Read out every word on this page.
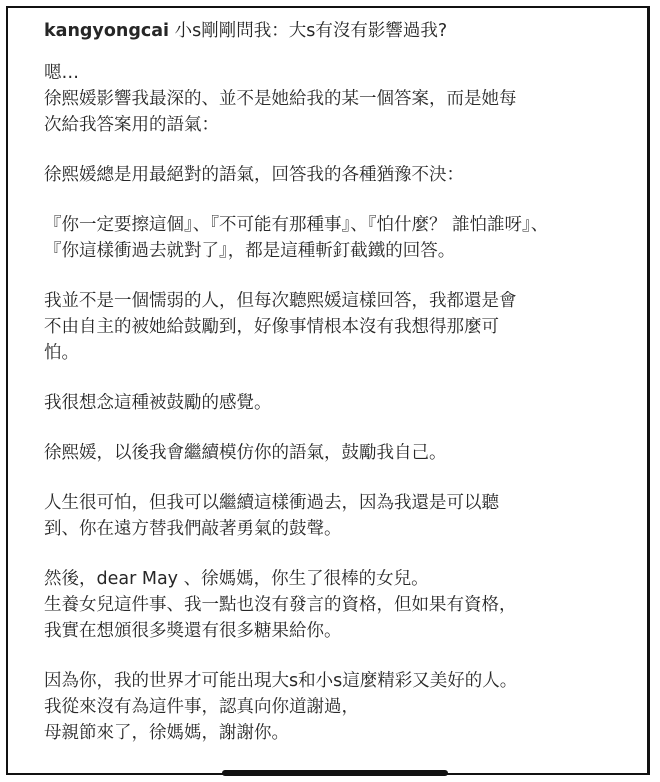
kangyongcai 小s剛剛問我：大s有沒有影響過我?
嗯…
徐熙媛影響我最深的、並不是她給我的某一個答案，而是她每
次給我答案用的語氣：
徐熙媛總是用最絕對的語氣，回答我的各種猶豫不決：
『你一定要擦這個』、『不可能有那種事』、『怕什麼？ 誰怕誰呀』、
『你這樣衝過去就對了』，都是這種斬釘截鐵的回答。
我並不是一個懦弱的人，但每次聽熙媛這樣回答，我都還是會
不由自主的被她給鼓勵到，好像事情根本沒有我想得那麼可
怕。
我很想念這種被鼓勵的感覺。
徐熙媛，以後我會繼續模仿你的語氣，鼓勵我自己。
人生很可怕，但我可以繼續這樣衝過去，因為我還是可以聽
到、你在遠方替我們敲著勇氣的鼓聲。
然後，dear May 、徐媽媽，你生了很棒的女兒。
生養女兒這件事、我一點也沒有發言的資格，但如果有資格，
我實在想頒很多獎還有很多糖果給你。
因為你，我的世界才可能出現大s和小s這麼精彩又美好的人。
我從來沒有為這件事，認真向你道謝過，
母親節來了，徐媽媽，謝謝你。
